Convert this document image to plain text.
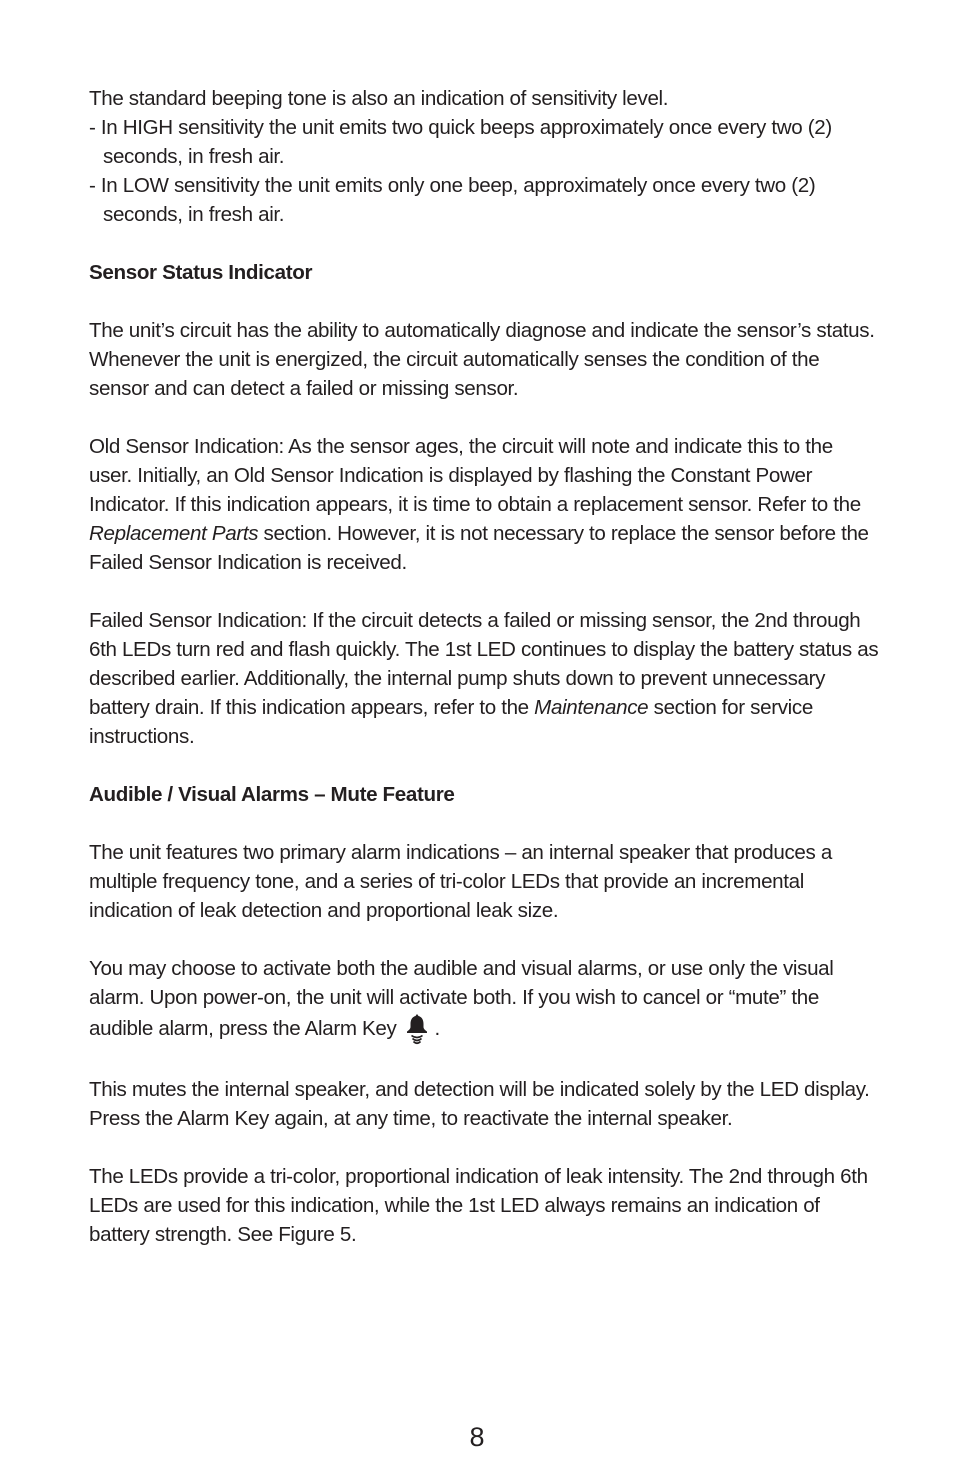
The standard beeping tone is also an indication of sensitivity level.

- In HIGH sensitivity the unit emits two quick beeps approximately once every two (2) seconds, in fresh air.

- In LOW sensitivity the unit emits only one beep, approximately once every two (2) seconds, in fresh air.

Sensor Status Indicator

The unit’s circuit has the ability to automatically diagnose and indicate the sensor’s status. Whenever the unit is energized, the circuit automatically senses the condition of the sensor and can detect a failed or missing sensor.

Old Sensor Indication: As the sensor ages, the circuit will note and indicate this to the user. Initially, an Old Sensor Indication is displayed by flashing the Constant Power Indicator. If this indication appears, it is time to obtain a replacement sensor. Refer to the Replacement Parts section. However, it is not necessary to replace the sensor before the Failed Sensor Indication is received.

Failed Sensor Indication: If the circuit detects a failed or missing sensor, the 2nd through 6th LEDs turn red and flash quickly. The 1st LED continues to display the battery status as described earlier. Additionally, the internal pump shuts down to prevent unnecessary battery drain. If this indication appears, refer to the Maintenance section for service instructions.

Audible / Visual Alarms – Mute Feature

The unit features two primary alarm indications – an internal speaker that produces a multiple frequency tone, and a series of tri-color LEDs that provide an incremental indication of leak detection and proportional leak size.

You may choose to activate both the audible and visual alarms, or use only the visual alarm. Upon power-on, the unit will activate both. If you wish to cancel or “mute” the audible alarm, press the Alarm Key .

This mutes the internal speaker, and detection will be indicated solely by the LED display. Press the Alarm Key again, at any time, to reactivate the internal speaker.

The LEDs provide a tri-color, proportional indication of leak intensity. The 2nd through 6th LEDs are used for this indication, while the 1st LED always remains an indication of battery strength. See Figure 5.

8
